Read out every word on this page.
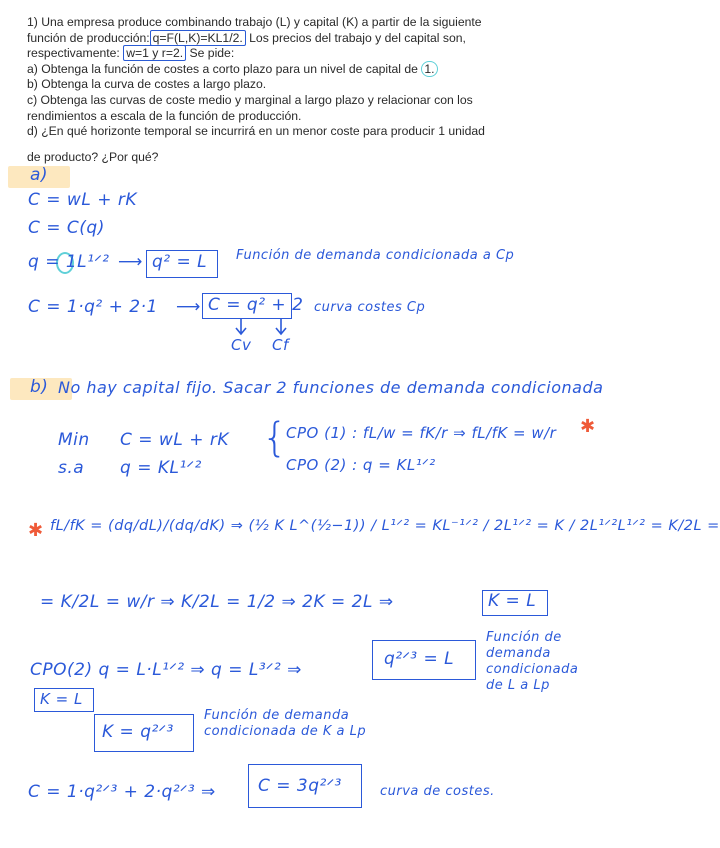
1) Una empresa produce combinando trabajo (L) y capital (K) a partir de la siguiente
función de producción: q=F(L,K)=KL1/2. Los precios del trabajo y del capital son,
respectivamente: w=1 y r=2. Se pide:
a) Obtenga la función de costes a corto plazo para un nivel de capital de 1.
b) Obtenga la curva de costes a largo plazo.
c) Obtenga las curvas de coste medio y marginal a largo plazo y relacionar con los
rendimientos a escala de la función de producción.
d) ¿En qué horizonte temporal se incurrirá en un menor coste para producir 1 unidad
de producto? ¿Por qué?
a)
C = wL + rK
C = C(q)
q = 1L¹ᐟ² ⟶ q² = L Función de demanda condicionada a Cp
C = 1·q² + 2·1 ⟶ C = q² + 2 curva costes Cp
Cv Cf
b) No hay capital fijo. Sacar 2 funciones de demanda condicionada
Min
s.a
C = wL + rK
q = KL¹ᐟ²
{
CPO (1) : fL/w = fK/r ⇒ fL/fK = w/r ✱
CPO (2) : q = KL¹ᐟ²
✱ fL/fK = (dq/dL)/(dq/dK) ⇒ (½ K L^(½−1)) / L¹ᐟ² = KL⁻¹ᐟ² / 2L¹ᐟ² = K / 2L¹ᐟ²L¹ᐟ² = K/2L =
= K/2L = w/r ⇒ K/2L = 1/2 ⇒ 2K = 2L ⇒	K = L
CPO(2) q = L·L¹ᐟ² ⇒ q = L³ᐟ² ⇒
q²ᐟ³ = L
Función de demanda condicionada de L a Lp
K = L
K = q²ᐟ³
Función de demanda condicionada de K a Lp
C = 1·q²ᐟ³ + 2·q²ᐟ³ ⇒ C = 3q²ᐟ³	curva de costes.
